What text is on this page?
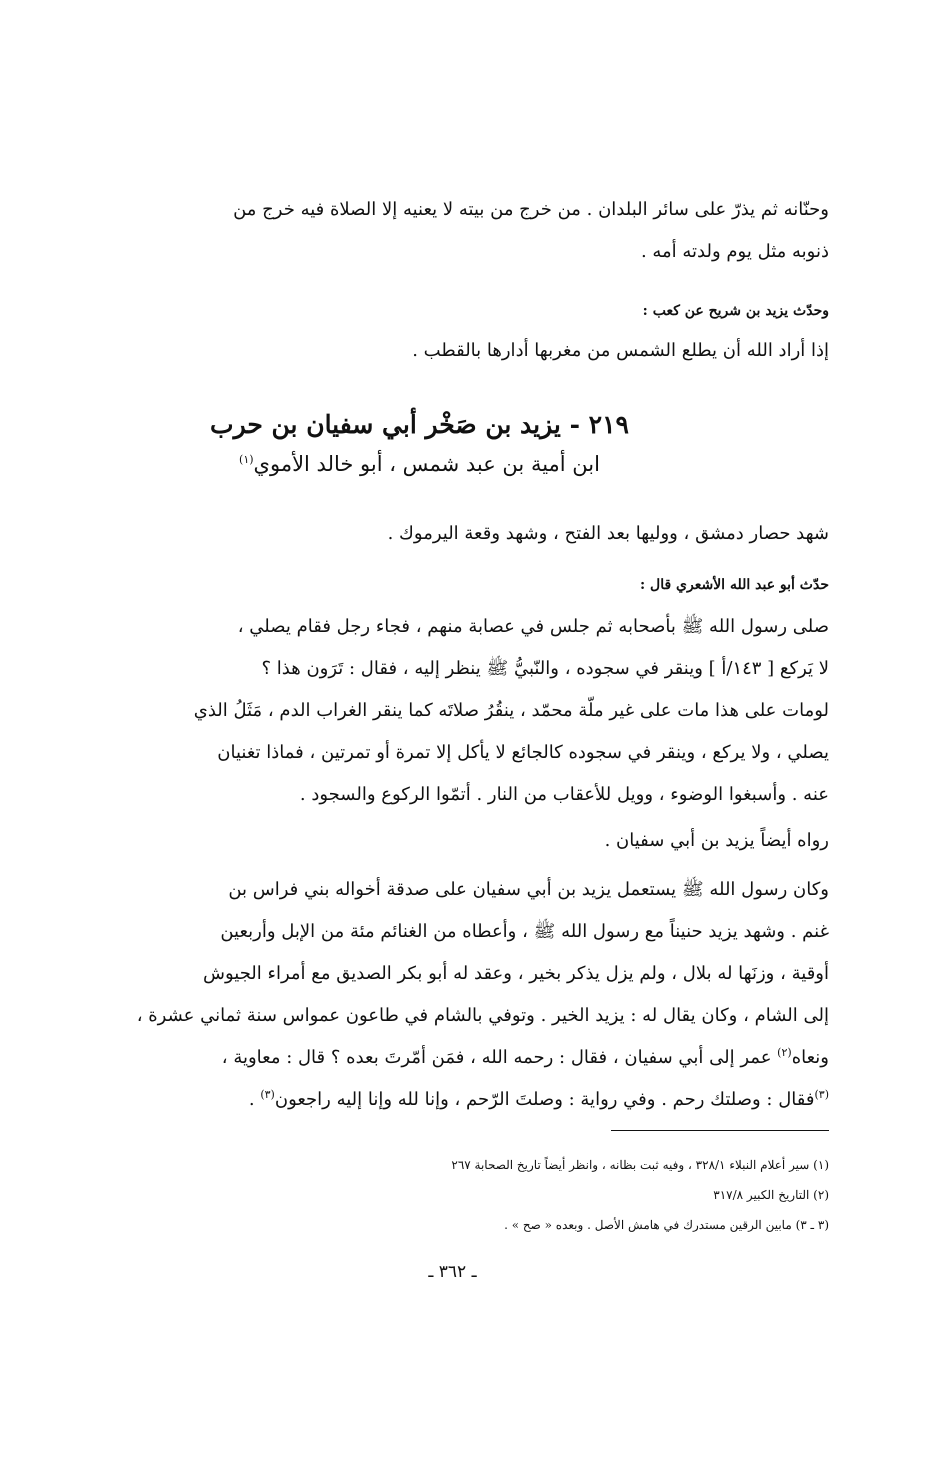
وحنّانه ثم يذرّ على سائر البلدان . من خرج من بيته لا يعنيه إلا الصلاة فيه خرج من
ذنوبه مثل يوم ولدته أمه .
وحدّث يزيد بن شريح عن كعب :
إذا أراد الله أن يطلع الشمس من مغربها أدارها بالقطب .
٢١٩ - يزيد بن صَخْر أبي سفيان بن حرب
ابن أمية بن عبد شمس ، أبو خالد الأموي$^{(١)}$
شهد حصار دمشق ، ووليها بعد الفتح ، وشهد وقعة اليرموك .
حدّث أبو عبد الله الأشعري قال :
صلى رسول الله ﷺ بأصحابه ثم جلس في عصابة منهم ، فجاء رجل فقام يصلي ،
لا يَركع [ ١٤٣/أ ] وينقر في سجوده ، والنّبيُّ ﷺ ينظر إليه ، فقال : تَرَون هذا ؟
لومات على هذا مات على غير ملّة محمّد ، ينقُرُ صلاتَه كما ينقر الغراب الدم ، مَثَلُ الذي
يصلي ، ولا يركع ، وينقر في سجوده كالجائع لا يأكل إلا تمرة أو تمرتين ، فماذا تغنيان
عنه . وأسبغوا الوضوء ، وويل للأعقاب من النار . أتمّوا الركوع والسجود .
رواه أيضاً يزيد بن أبي سفيان .
وكان رسول الله ﷺ يستعمل يزيد بن أبي سفيان على صدقة أخواله بني فراس بن
غنم . وشهد يزيد حنيناً مع رسول الله ﷺ ، وأعطاه من الغنائم مئة من الإبل وأربعين
أوقية ، وزنَها له بلال ، ولم يزل يذكر بخير ، وعقد له أبو بكر الصديق مع أمراء الجيوش
إلى الشام ، وكان يقال له : يزيد الخير . وتوفي بالشام في طاعون عمواس سنة ثماني عشرة ،
ونعاه$^{(٢)}$ عمر إلى أبي سفيان ، فقال : رحمه الله ، فمَن أمّرتَ بعده ؟ قال : معاوية ،
$^{(٣)}$فقال : وصلتك رحم . وفي رواية : وصلتَ الرّحم ، وإنا لله وإنا إليه راجعون$^{(٣)}$ .
(١) سير أعلام النبلاء ٣٢٨/١ ، وفيه ثبت بظانه ، وانظر أيضاً تاريخ الصحابة ٢٦٧
(٢) التاريخ الكبير ٣١٧/٨
(٣ ـ ٣) مابين الرقين مستدرك في هامش الأصل . وبعده « صح » .
ـ ٣٦٢ ـ
